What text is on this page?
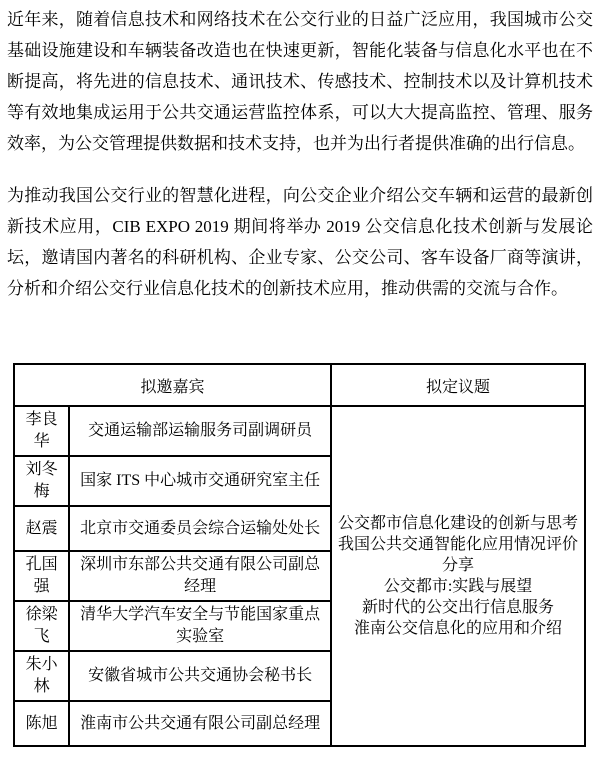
近年来，随着信息技术和网络技术在公交行业的日益广泛应用，我国城市公交基础设施建设和车辆装备改造也在快速更新，智能化装备与信息化水平也在不断提高，将先进的信息技术、通讯技术、传感技术、控制技术以及计算机技术等有效地集成运用于公共交通运营监控体系，可以大大提高监控、管理、服务效率，为公交管理提供数据和技术支持，也并为出行者提供准确的出行信息。

为推动我国公交行业的智慧化进程，向公交企业介绍公交车辆和运营的最新创新技术应用，CIB EXPO 2019 期间将举办 2019 公交信息化技术创新与发展论坛，邀请国内著名的科研机构、企业专家、公交公司、客车设备厂商等演讲，分析和介绍公交行业信息化技术的创新技术应用，推动供需的交流与合作。

拟邀嘉宾		拟定议题
李良华	交通运输部运输服务司副调研员	公交都市信息化建设的创新与思考
我国公共交通智能化应用情况评价分享
公交都市:实践与展望
新时代的公交出行信息服务
淮南公交信息化的应用和介绍

刘冬梅	国家 ITS 中心城市交通研究室主任	
赵震	北京市交通委员会综合运输处处长	
孔国强	深圳市东部公共交通有限公司副总经理	
徐梁飞	清华大学汽车安全与节能国家重点实验室	
朱小林	安徽省城市公共交通协会秘书长	
陈旭	淮南市公共交通有限公司副总经理	
